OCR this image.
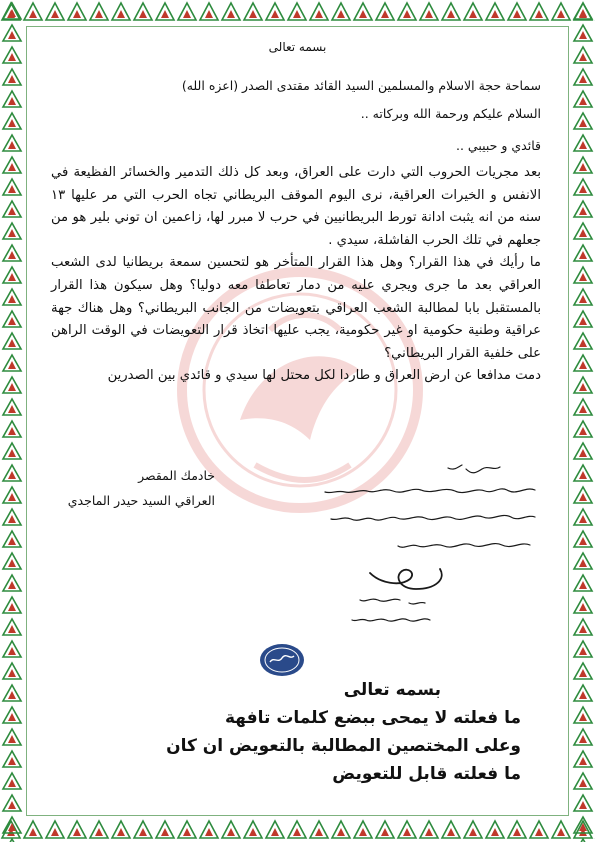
بسمه تعالى
سماحة حجة الاسلام والمسلمين السيد القائد مقتدى الصدر (اعزه الله)
السلام عليكم ورحمة الله وبركاته ..
قائدي و حبيبي ..

بعد مجريات الحروب التي دارت على العراق، وبعد كل ذلك التدمير والخسائر الفظيعة في الانفس و الخيرات العراقية، نرى اليوم الموقف البريطاني تجاه الحرب التي مر عليها ١٣ سنه من انه يثبت ادانة تورط البريطانيين في حرب لا مبرر لها، زاعمين ان توني بلير هو من جعلهم في تلك الحرب الفاشلة، سيدي .

ما رأيك في هذا القرار؟ وهل هذا القرار المتأخر هو لتحسين سمعة بريطانيا لدى الشعب العراقي بعد ما جرى ويجري عليه من دمار تعاطفا معه دوليا؟ وهل سيكون هذا القرار بالمستقبل بابا لمطالبة الشعب العراقي بتعويضات من الجانب البريطاني؟ وهل هناك جهة عراقية وطنية حكومية او غير حكومية، يجب عليها اتخاذ قرار التعويضات في الوقت الراهن على خلفية القرار البريطاني؟

دمت مدافعا عن ارض العراق و طاردا لكل محتل لها سيدي و قائدي بين الصدرين

خادمك المقصر
العراقي السيد حيدر الماجدي
بسمه تعالى
ما فعلته لا يمحى ببضع كلمات تافهة
وعلى المختصين المطالبة بالتعويض ان كان
ما فعلته قابل للتعويض
